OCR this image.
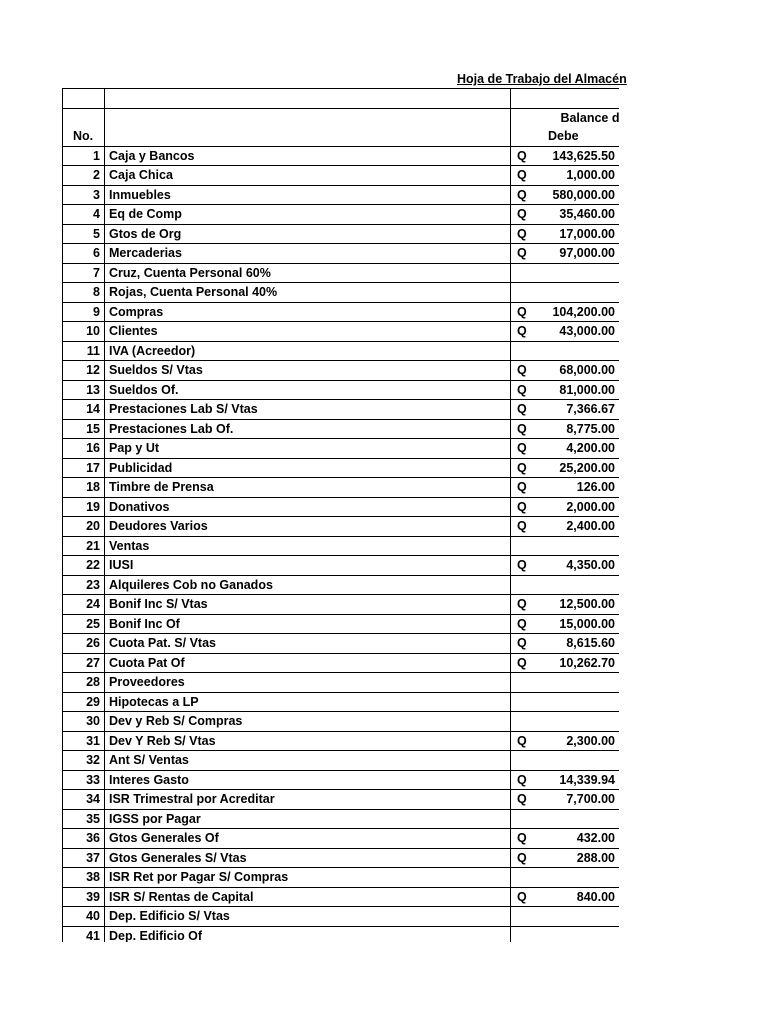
Hoja de Trabajo del Almacén

		Balance d		
No.		Debe		
1	Caja y Bancos	Q	143,625.50	
2	Caja Chica	Q	1,000.00	
3	Inmuebles	Q	580,000.00	
4	Eq de Comp	Q	35,460.00	
5	Gtos de Org	Q	17,000.00	
6	Mercaderias	Q	97,000.00	
7	Cruz, Cuenta Personal 60%			
8	Rojas, Cuenta Personal 40%			
9	Compras	Q	104,200.00	
10	Clientes	Q	43,000.00	
11	IVA (Acreedor)			
12	Sueldos S/ Vtas	Q	68,000.00	
13	Sueldos Of.	Q	81,000.00	
14	Prestaciones Lab S/ Vtas	Q	7,366.67	
15	Prestaciones Lab Of.	Q	8,775.00	
16	Pap y Ut	Q	4,200.00	
17	Publicidad	Q	25,200.00	
18	Timbre de Prensa	Q	126.00	
19	Donativos	Q	2,000.00	
20	Deudores Varios	Q	2,400.00	
21	Ventas			
22	IUSI	Q	4,350.00	
23	Alquileres Cob no Ganados			
24	Bonif Inc S/ Vtas	Q	12,500.00	
25	Bonif Inc Of	Q	15,000.00	
26	Cuota Pat. S/ Vtas	Q	8,615.60	
27	Cuota Pat Of	Q	10,262.70	
28	Proveedores			
29	Hipotecas a LP			
30	Dev y Reb S/ Compras			
31	Dev Y Reb S/ Vtas	Q	2,300.00	
32	Ant S/ Ventas			
33	Interes Gasto	Q	14,339.94	
34	ISR Trimestral por Acreditar	Q	7,700.00	
35	IGSS por Pagar			
36	Gtos Generales Of	Q	432.00	
37	Gtos Generales S/ Vtas	Q	288.00	
38	ISR Ret por Pagar S/ Compras			
39	ISR S/ Rentas de Capital	Q	840.00	
40	Dep. Edificio S/ Vtas			
41	Dep. Edificio Of			
